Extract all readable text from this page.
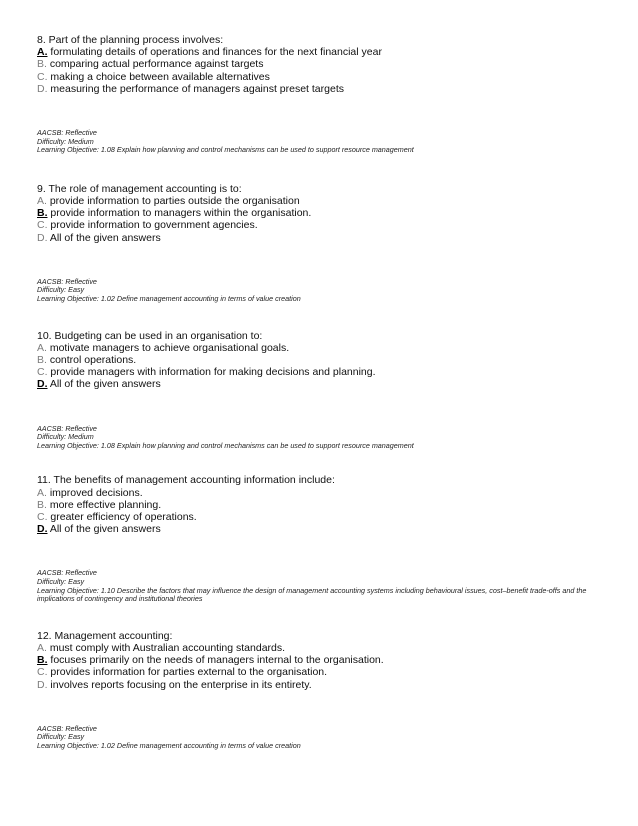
8. Part of the planning process involves:
A. formulating details of operations and finances for the next financial year
B. comparing actual performance against targets
C. making a choice between available alternatives
D. measuring the performance of managers against preset targets
AACSB: Reflective
Difficulty: Medium
Learning Objective: 1.08 Explain how planning and control mechanisms can be used to support resource management
9. The role of management accounting is to:
A. provide information to parties outside the organisation
B. provide information to managers within the organisation.
C. provide information to government agencies.
D. All of the given answers
AACSB: Reflective
Difficulty: Easy
Learning Objective: 1.02 Define management accounting in terms of value creation
10. Budgeting can be used in an organisation to:
A. motivate managers to achieve organisational goals.
B. control operations.
C. provide managers with information for making decisions and planning.
D. All of the given answers
AACSB: Reflective
Difficulty: Medium
Learning Objective: 1.08 Explain how planning and control mechanisms can be used to support resource management
11. The benefits of management accounting information include:
A. improved decisions.
B. more effective planning.
C. greater efficiency of operations.
D. All of the given answers
AACSB: Reflective
Difficulty: Easy
Learning Objective: 1.10 Describe the factors that may influence the design of management accounting systems including behavioural issues, cost–benefit trade-offs and the implications of contingency and institutional theories
12. Management accounting:
A. must comply with Australian accounting standards.
B. focuses primarily on the needs of managers internal to the organisation.
C. provides information for parties external to the organisation.
D. involves reports focusing on the enterprise in its entirety.
AACSB: Reflective
Difficulty: Easy
Learning Objective: 1.02 Define management accounting in terms of value creation
